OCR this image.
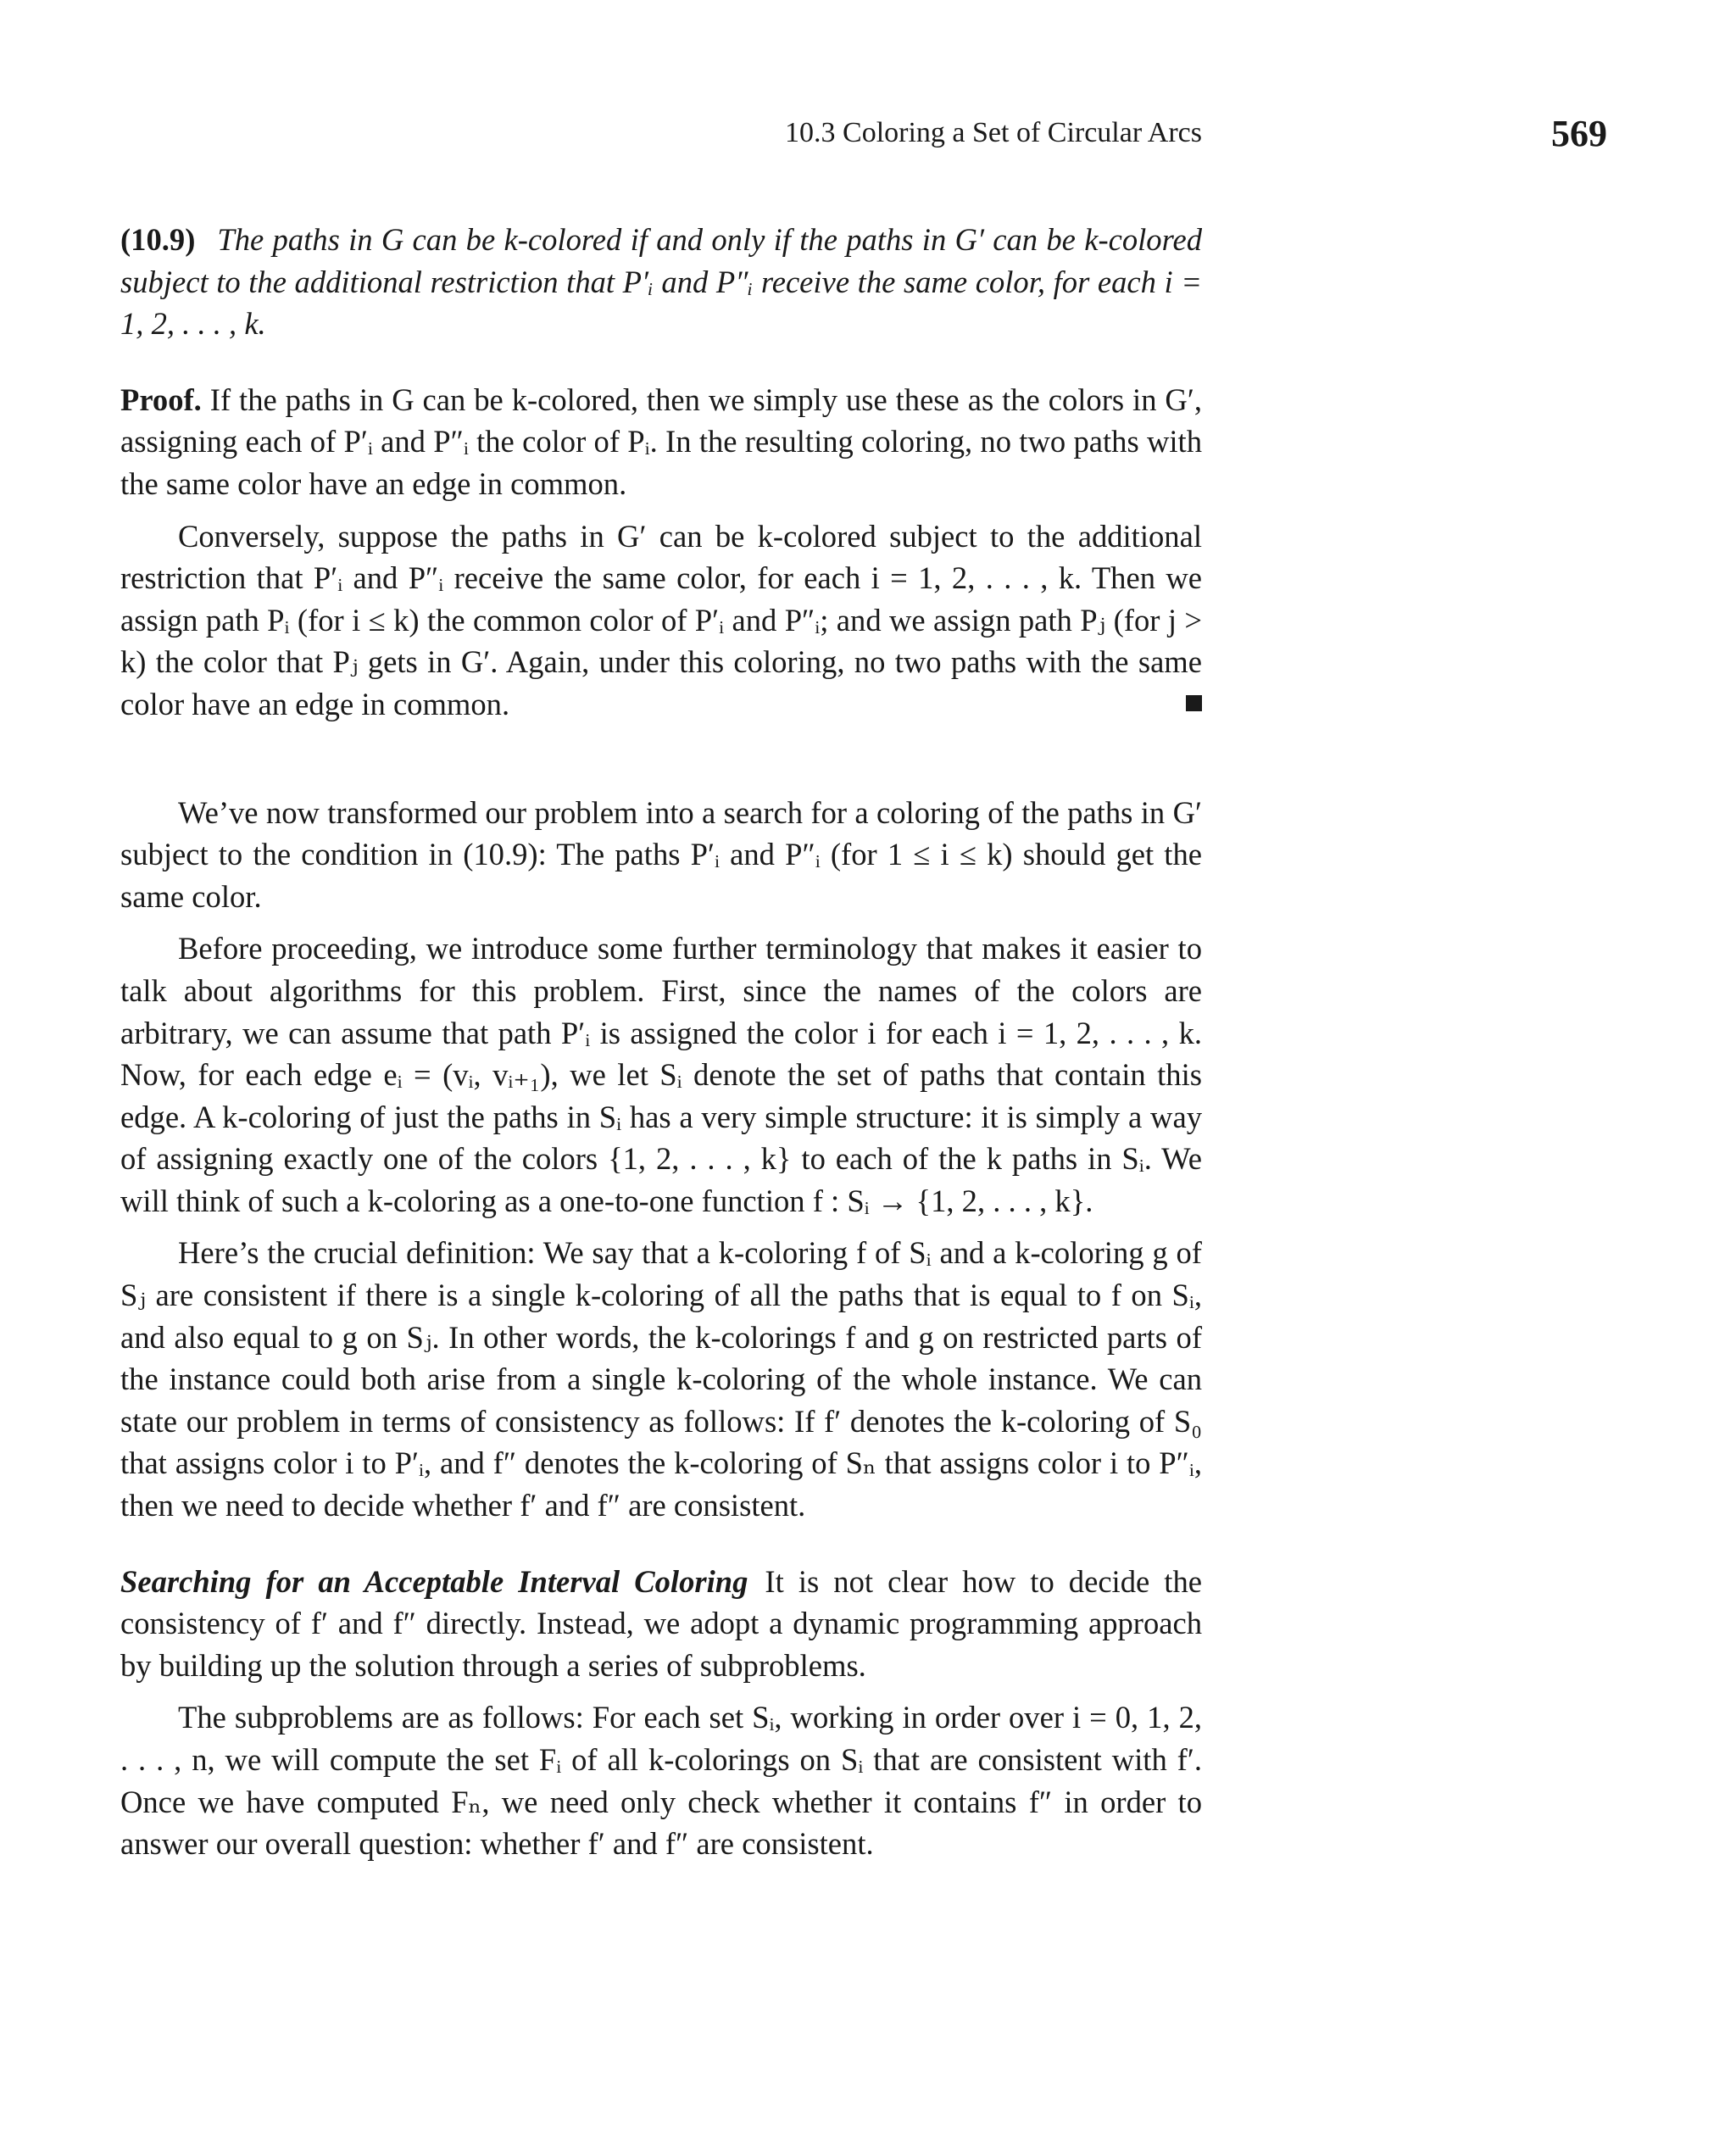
10.3 Coloring a Set of Circular Arcs	569

(10.9) The paths in G can be k-colored if and only if the paths in G′ can be k-colored subject to the additional restriction that P′ᵢ and P″ᵢ receive the same color, for each i = 1, 2, . . . , k.

Proof. If the paths in G can be k-colored, then we simply use these as the colors in G′, assigning each of P′ᵢ and P″ᵢ the color of Pᵢ. In the resulting coloring, no two paths with the same color have an edge in common.

Conversely, suppose the paths in G′ can be k-colored subject to the additional restriction that P′ᵢ and P″ᵢ receive the same color, for each i = 1, 2, . . . , k. Then we assign path Pᵢ (for i ≤ k) the common color of P′ᵢ and P″ᵢ; and we assign path Pⱼ (for j > k) the color that Pⱼ gets in G′. Again, under this coloring, no two paths with the same color have an edge in common.

We’ve now transformed our problem into a search for a coloring of the paths in G′ subject to the condition in (10.9): The paths P′ᵢ and P″ᵢ (for 1 ≤ i ≤ k) should get the same color.

Before proceeding, we introduce some further terminology that makes it easier to talk about algorithms for this problem. First, since the names of the colors are arbitrary, we can assume that path P′ᵢ is assigned the color i for each i = 1, 2, . . . , k. Now, for each edge eᵢ = (vᵢ, vᵢ₊₁), we let Sᵢ denote the set of paths that contain this edge. A k-coloring of just the paths in Sᵢ has a very simple structure: it is simply a way of assigning exactly one of the colors {1, 2, . . . , k} to each of the k paths in Sᵢ. We will think of such a k-coloring as a one-to-one function f : Sᵢ → {1, 2, . . . , k}.

Here’s the crucial definition: We say that a k-coloring f of Sᵢ and a k-coloring g of Sⱼ are consistent if there is a single k-coloring of all the paths that is equal to f on Sᵢ, and also equal to g on Sⱼ. In other words, the k-colorings f and g on restricted parts of the instance could both arise from a single k-coloring of the whole instance. We can state our problem in terms of consistency as follows: If f′ denotes the k-coloring of S₀ that assigns color i to P′ᵢ, and f″ denotes the k-coloring of Sₙ that assigns color i to P″ᵢ, then we need to decide whether f′ and f″ are consistent.

Searching for an Acceptable Interval Coloring It is not clear how to decide the consistency of f′ and f″ directly. Instead, we adopt a dynamic programming approach by building up the solution through a series of subproblems.

The subproblems are as follows: For each set Sᵢ, working in order over i = 0, 1, 2, . . . , n, we will compute the set Fᵢ of all k-colorings on Sᵢ that are consistent with f′. Once we have computed Fₙ, we need only check whether it contains f″ in order to answer our overall question: whether f′ and f″ are consistent.
